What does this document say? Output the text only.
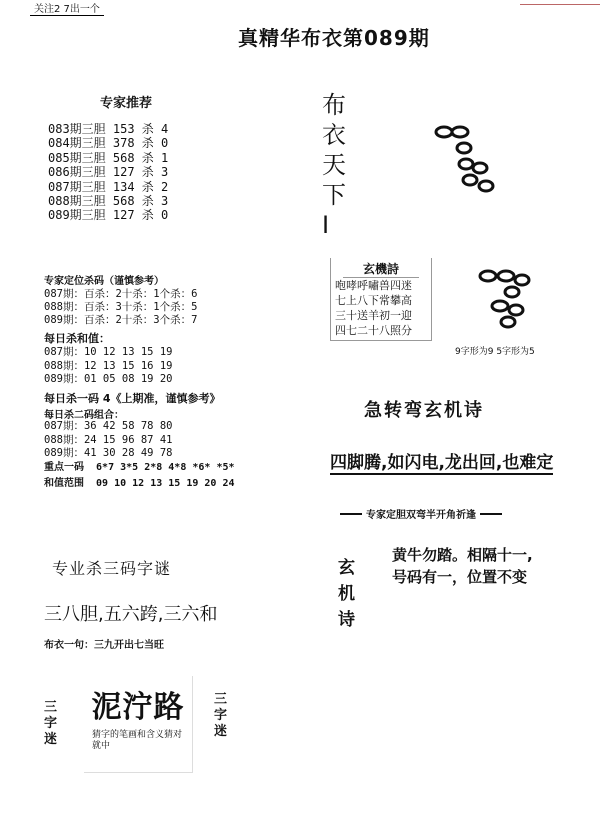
关注2 7出一个
真精华布衣第089期
专家推荐
083期三胆 153 杀 4
084期三胆 378 杀 0
085期三胆 568 杀 1
086期三胆 127 杀 3
087期三胆 134 杀 2
088期三胆 568 杀 3
089期三胆 127 杀 0
布衣天下I
9字形为9 5字形为5
专家定位杀码（谨慎参考）
087期：百杀：2十杀：1个杀：6
088期：百杀：3十杀：1个杀：5
089期：百杀：2十杀：3个杀：7
每日杀和值：
087期：10 12 13 15 19
088期：12 13 15 16 19
089期：01 05 08 19 20
每日杀一码 4《上期准，谨慎参考》
每日杀二码组合：
087期：36 42 58 78 80
088期：24 15 96 87 41
089期：41 30 28 49 78
重点一码  6*7 3*5 2*8 4*8 *6* *5*
和值范围  09 10 12 13 15 19 20 24
玄機詩
咆哮呼嘯兽四迷
七上八下常攀高
三十送羊初一迎
四七二十八照分
急转弯玄机诗
四脚腾,如闪电,龙出回,也难定
专家定胆双弯半开角祈逢
玄机诗
黄牛勿踏。相隔十一,
号码有一，位置不变
专业杀三码字谜
三八胆,五六跨,三六和
布衣一句：三九开出七当旺
三字迷
三字迷
泥泞路
猜字的笔画和含义猜对就中
